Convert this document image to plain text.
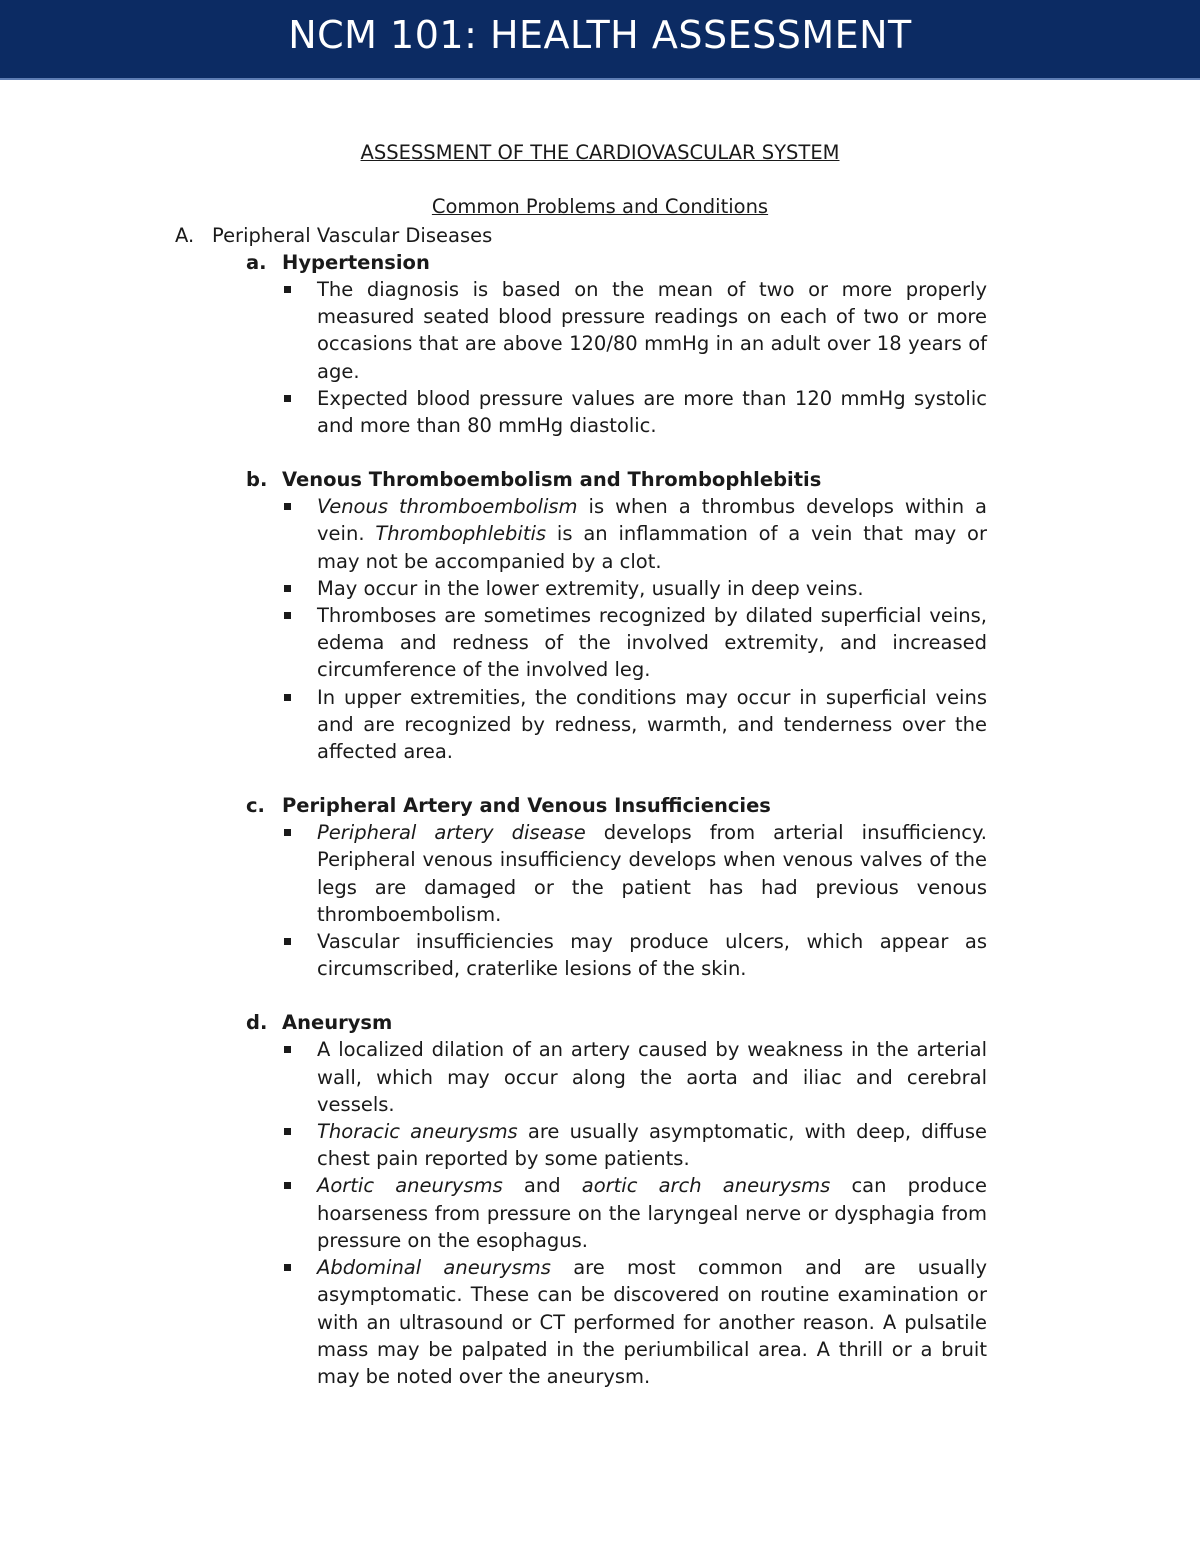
NCM 101: HEALTH ASSESSMENT
ASSESSMENT OF THE CARDIOVASCULAR SYSTEM
Common Problems and Conditions
A. Peripheral Vascular Diseases
a. Hypertension
The diagnosis is based on the mean of two or more properly measured seated blood pressure readings on each of two or more occasions that are above 120/80 mmHg in an adult over 18 years of age.
Expected blood pressure values are more than 120 mmHg systolic and more than 80 mmHg diastolic.
b. Venous Thromboembolism and Thrombophlebitis
Venous thromboembolism is when a thrombus develops within a vein. Thrombophlebitis is an inflammation of a vein that may or may not be accompanied by a clot.
May occur in the lower extremity, usually in deep veins.
Thromboses are sometimes recognized by dilated superficial veins, edema and redness of the involved extremity, and increased circumference of the involved leg.
In upper extremities, the conditions may occur in superficial veins and are recognized by redness, warmth, and tenderness over the affected area.
c. Peripheral Artery and Venous Insufficiencies
Peripheral artery disease develops from arterial insufficiency. Peripheral venous insufficiency develops when venous valves of the legs are damaged or the patient has had previous venous thromboembolism.
Vascular insufficiencies may produce ulcers, which appear as circumscribed, craterlike lesions of the skin.
d. Aneurysm
A localized dilation of an artery caused by weakness in the arterial wall, which may occur along the aorta and iliac and cerebral vessels.
Thoracic aneurysms are usually asymptomatic, with deep, diffuse chest pain reported by some patients.
Aortic aneurysms and aortic arch aneurysms can produce hoarseness from pressure on the laryngeal nerve or dysphagia from pressure on the esophagus.
Abdominal aneurysms are most common and are usually asymptomatic. These can be discovered on routine examination or with an ultrasound or CT performed for another reason. A pulsatile mass may be palpated in the periumbilical area. A thrill or a bruit may be noted over the aneurysm.
